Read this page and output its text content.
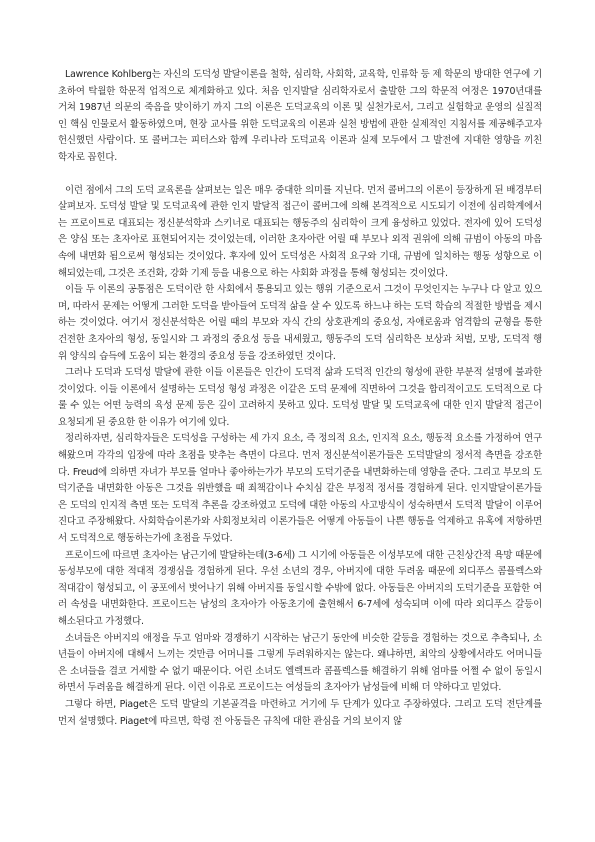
Lawrence Kohlberg는 자신의 도덕성 발달이론을 철학, 심리학, 사회학, 교육학, 인류학 등 제 학문의 방대한 연구에 기초하여 탁월한 학문적 업적으로 체계화하고 있다. 처음 인지발달 심리학자로서 출발한 그의 학문적 여정은 1970년대를 거쳐 1987년 의문의 죽음을 맞이하기 까지 그의 이론은 도덕교육의 이론 및 실천가로서, 그리고 실험학교 운영의 실질적인 핵심 인물로서 활동하였으며, 현장 교사를 위한 도덕교육의 이론과 실천 방법에 관한 실제적인 지침서를 제공해주고자 헌신했던 사람이다. 또 콜버그는 피터스와 함께 우리나라 도덕교육 이론과 실제 모두에서 그 발전에 지대한 영향을 끼친 학자로 꼽힌다.

이런 점에서 그의 도덕 교육론을 살펴보는 일은 매우 중대한 의미를 지닌다. 먼저 콜버그의 이론이 등장하게 된 배경부터 살펴보자. 도덕성 발달 및 도덕교육에 관한 인지 발달적 접근이 콜버그에 의해 본격적으로 시도되기 이전에 심리학계에서는 프로이트로 대표되는 정신분석학과 스키너로 대표되는 행동주의 심리학이 크게 융성하고 있었다. 전자에 있어 도덕성은 양심 또는 초자아로 표현되어지는 것이었는데, 이러한 초자아란 어릴 때 부모나 외적 권위에 의해 규범이 아동의 마음속에 내면화 됨으로써 형성되는 것이었다. 후자에 있어 도덕성은 사회적 요구와 기대, 규범에 일치하는 행동 성향으로 이해되었는데, 그것은 조건화, 강화 기제 등을 내용으로 하는 사회화 과정을 통해 형성되는 것이었다.

이들 두 이론의 공통점은 도덕이란 한 사회에서 통용되고 있는 행위 기준으로서 그것이 무엇인지는 누구나 다 알고 있으며, 따라서 문제는 어떻게 그러한 도덕을 받아들여 도덕적 삶을 살 수 있도록 하느냐 하는 도덕 학습의 적절한 방법을 제시하는 것이었다. 여기서 정신분석학은 어릴 때의 부모와 자식 간의 상호관계의 중요성, 자애로움과 엄격함의 균형을 통한 건전한 초자아의 형성, 동일시와 그 과정의 중요성 등을 내세웠고, 행동주의 도덕 심리학은 보상과 처벌, 모방, 도덕적 행위 양식의 습득에 도움이 되는 환경의 중요성 등을 강조하였던 것이다.

그러나 도덕과 도덕성 발달에 관한 이들 이론들은 인간이 도덕적 삶과 도덕적 인간의 형성에 관한 부분적 설명에 불과한 것이었다. 이들 이론에서 설명하는 도덕성 형성 과정은 이같은 도덕 문제에 직면하여 그것을 합리적이고도 도덕적으로 다룰 수 있는 어떤 능력의 육성 문제 등은 깊이 고려하지 못하고 있다. 도덕성 발달 및 도덕교육에 대한 인지 발달적 접근이 요청되게 된 중요한 한 이유가 여기에 있다.

정리하자면, 심리학자들은 도덕성을 구성하는 세 가지 요소, 즉 정의적 요소, 인지적 요소, 행동적 요소를 가정하여 연구해왔으며 각각의 입장에 따라 초점을 맞추는 측면이 다르다. 먼저 정신분석이론가들은 도덕발달의 정서적 측면을 강조한다. Freud에 의하면 자녀가 부모를 얼마나 좋아하는가가 부모의 도덕기준을 내면화하는데 영향을 준다. 그리고 부모의 도덕기준을 내면화한 아동은 그것을 위반했을 때 죄책감이나 수치심 같은 부정적 정서를 경험하게 된다. 인지발달이론가들은 도덕의 인지적 측면 또는 도덕적 추론을 강조하였고 도덕에 대한 아동의 사고방식이 성숙하면서 도덕적 발달이 이루어진다고 주장해왔다. 사회학습이론가와 사회정보처리 이론가들은 어떻게 아동들이 나쁜 행동을 억제하고 유혹에 저항하면서 도덕적으로 행동하는가에 초점을 두었다.

프로이드에 따르면 초자아는 남근기에 발달하는데(3-6세) 그 시기에 아동들은 이성부모에 대한 근친상간적 욕망 때문에 동성부모에 대한 적대적 경쟁심을 경험하게 된다. 우선 소년의 경우, 아버지에 대한 두려움 때문에 외디푸스 콤플렉스와 적대감이 형성되고, 이 공포에서 벗어나기 위해 아버지를 동일시할 수밖에 없다. 아동들은 아버지의 도덕기준을 포함한 여러 속성을 내면화한다. 프로이드는 남성의 초자아가 아동초기에 출현해서 6-7세에 성숙되며 이에 따라 외디푸스 갈등이 해소된다고 가정했다.

소녀들은 아버지의 애정을 두고 엄마와 경쟁하기 시작하는 남근기 동안에 비슷한 갈등을 경험하는 것으로 추측되나, 소년들이 아버지에 대해서 느끼는 것만큼 어머니를 그렇게 두려워하지는 않는다. 왜냐하면, 최악의 상황에서라도 어머니들은 소녀들을 결코 거세할 수 없기 때문이다. 어린 소녀도 엘렉트라 콤플렉스를 해결하기 위해 엄마를 어쩔 수 없이 동일시하면서 두려움을 해결하게 된다. 이런 이유로 프로이드는 여성들의 초자아가 남성들에 비해 더 약하다고 믿었다.

그렇다 하면, Piaget은 도덕 발달의 기본골격을 마련하고 거기에 두 단계가 있다고 주장하였다. 그리고 도덕 전단계를 먼저 설명했다. Piaget에 따르면, 학령 전 아동들은 규칙에 대한 관심을 거의 보이지 않
